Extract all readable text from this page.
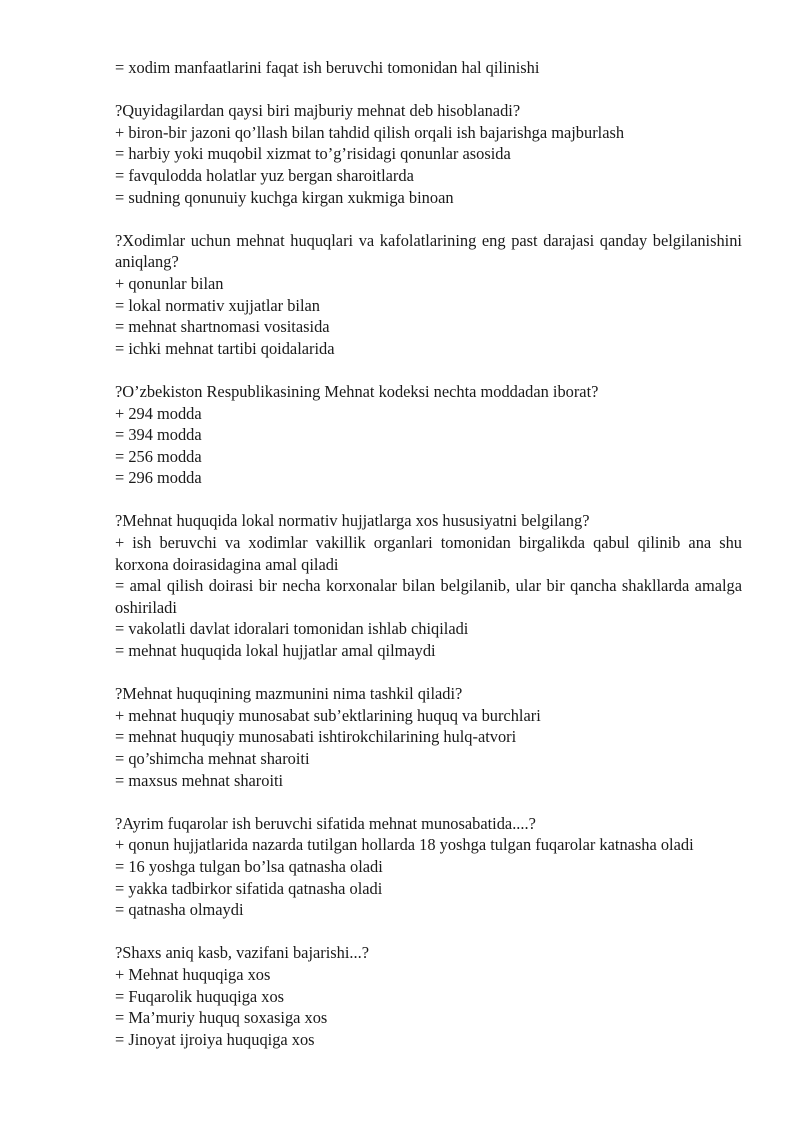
= xodim manfaatlarini faqat ish beruvchi tomonidan hal qilinishi
?Quyidagilardan qaysi biri majburiy mehnat deb hisoblanadi?
+ biron-bir jazoni qo’llash bilan tahdid qilish orqali ish bajarishga majburlash
= harbiy yoki muqobil xizmat to’g’risidagi qonunlar asosida
= favqulodda holatlar yuz bergan sharoitlarda
= sudning qonunuiy kuchga kirgan xukmiga binoan
?Xodimlar uchun mehnat huquqlari va kafolatlarining eng past darajasi qanday belgilanishini aniqlang?
+ qonunlar bilan
= lokal normativ xujjatlar bilan
= mehnat shartnomasi vositasida
= ichki mehnat tartibi qoidalarida
?O’zbekiston Respublikasining Mehnat kodeksi nechta moddadan iborat?
+ 294 modda
= 394 modda
= 256 modda
= 296 modda
?Mehnat huquqida lokal normativ hujjatlarga xos hususiyatni belgilang?
+ ish beruvchi va xodimlar vakillik organlari tomonidan birgalikda qabul qilinib ana shu korxona doirasidagina amal qiladi
= amal qilish doirasi bir necha korxonalar bilan belgilanib, ular bir qancha shakllarda amalga oshiriladi
= vakolatli davlat idoralari tomonidan ishlab chiqiladi
= mehnat huquqida lokal hujjatlar amal qilmaydi
?Mehnat huquqining mazmunini nima tashkil qiladi?
+ mehnat huquqiy munosabat sub’ektlarining huquq va burchlari
= mehnat huquqiy munosabati ishtirokchilarining hulq-atvori
= qo’shimcha mehnat sharoiti
= maxsus mehnat sharoiti
?Ayrim fuqarolar ish beruvchi sifatida mehnat munosabatida....?
+ qonun hujjatlarida nazarda tutilgan hollarda 18 yoshga tulgan fuqarolar katnasha oladi
= 16 yoshga tulgan bo’lsa qatnasha oladi
= yakka tadbirkor sifatida qatnasha oladi
= qatnasha olmaydi
?Shaxs aniq kasb, vazifani bajarishi...?
+ Mehnat huquqiga xos
= Fuqarolik huquqiga xos
= Ma’muriy huquq soxasiga xos
= Jinoyat ijroiya huquqiga xos
